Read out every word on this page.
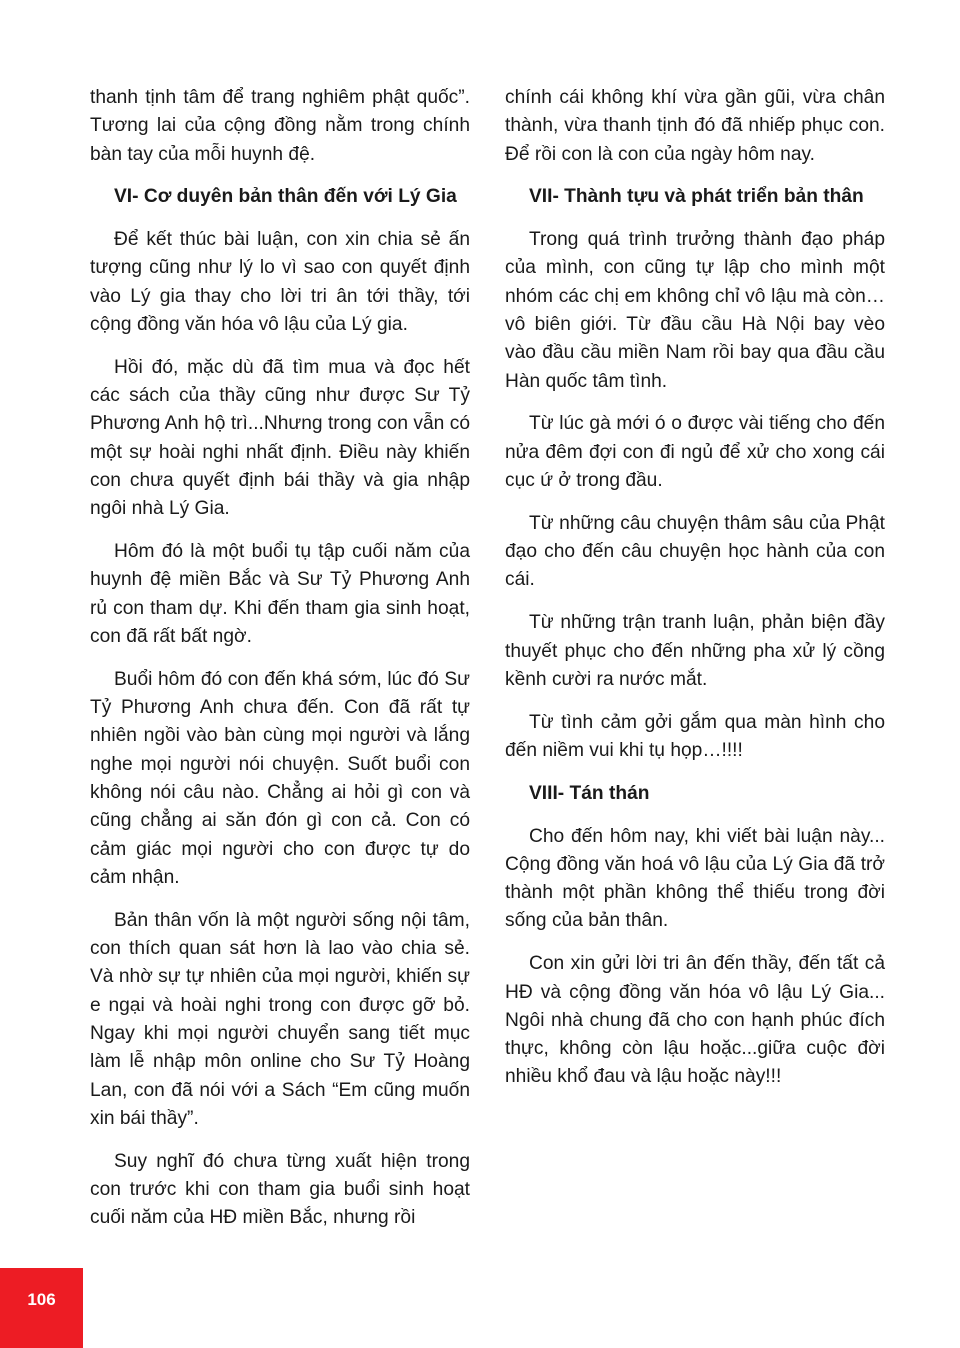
thanh tịnh tâm để trang nghiêm phật quốc”. Tương lai của cộng đồng nằm trong chính bàn tay của mỗi huynh đệ.

VI- Cơ duyên bản thân đến với Lý Gia

Để kết thúc bài luận, con xin chia sẻ ấn tượng cũng như lý lo vì sao con quyết định vào Lý gia thay cho lời tri ân tới thầy, tới cộng đồng văn hóa vô lậu của Lý gia.

Hồi đó, mặc dù đã tìm mua và đọc hết các sách của thầy cũng như được Sư Tỷ Phương Anh hộ trì...Nhưng trong con vẫn có một sự hoài nghi nhất định. Điều này khiến con chưa quyết định bái thầy và gia nhập ngôi nhà Lý Gia.

Hôm đó là một buổi tụ tập cuối năm của huynh đệ miền Bắc và Sư Tỷ Phương Anh rủ con tham dự. Khi đến tham gia sinh hoạt, con đã rất bất ngờ.

Buổi hôm đó con đến khá sớm, lúc đó Sư Tỷ Phương Anh chưa đến. Con đã rất tự nhiên ngồi vào bàn cùng mọi người và lắng nghe mọi người nói chuyện. Suốt buổi con không nói câu nào. Chẳng ai hỏi gì con và cũng chẳng ai săn đón gì con cả. Con có cảm giác mọi người cho con được tự do cảm nhận.

Bản thân vốn là một người sống nội tâm, con thích quan sát hơn là lao vào chia sẻ. Và nhờ sự tự nhiên của mọi người, khiến sự e ngại và hoài nghi trong con được gỡ bỏ. Ngay khi mọi người chuyển sang tiết mục làm lễ nhập môn online cho Sư Tỷ Hoàng Lan, con đã nói với a Sách “Em cũng muốn xin bái thầy”.

Suy nghĩ đó chưa từng xuất hiện trong con trước khi con tham gia buổi sinh hoạt cuối năm của HĐ miền Bắc, nhưng rồi

chính cái không khí vừa gần gũi, vừa chân thành, vừa thanh tịnh đó đã nhiếp phục con. Để rồi con là con của ngày hôm nay.

VII- Thành tựu và phát triển bản thân

Trong quá trình trưởng thành đạo pháp của mình, con cũng tự lập cho mình một nhóm các chị em không chỉ vô lậu mà còn… vô biên giới. Từ đầu cầu Hà Nội bay vèo vào đầu cầu miền Nam rồi bay qua đầu cầu Hàn quốc tâm tình.

Từ lúc gà mới ó o được vài tiếng cho đến nửa đêm đợi con đi ngủ để xử cho xong cái cục ứ ở trong đầu.

Từ những câu chuyện thâm sâu của Phật đạo cho đến câu chuyện học hành của con cái.

Từ những trận tranh luận, phản biện đầy thuyết phục cho đến những pha xử lý cồng kềnh cười ra nước mắt.

Từ tình cảm gởi gắm qua màn hình cho đến niềm vui khi tụ họp…!!!!

VIII- Tán thán

Cho đến hôm nay, khi viết bài luận này... Cộng đồng văn hoá vô lậu của Lý Gia đã trở thành một phần không thể thiếu trong đời sống của bản thân.

Con xin gửi lời tri ân đến thầy, đến tất cả HĐ và cộng đồng văn hóa vô lậu Lý Gia... Ngôi nhà chung đã cho con hạnh phúc đích thực, không còn lậu hoặc...giữa cuộc đời nhiều khổ đau và lậu hoặc này!!!

106
